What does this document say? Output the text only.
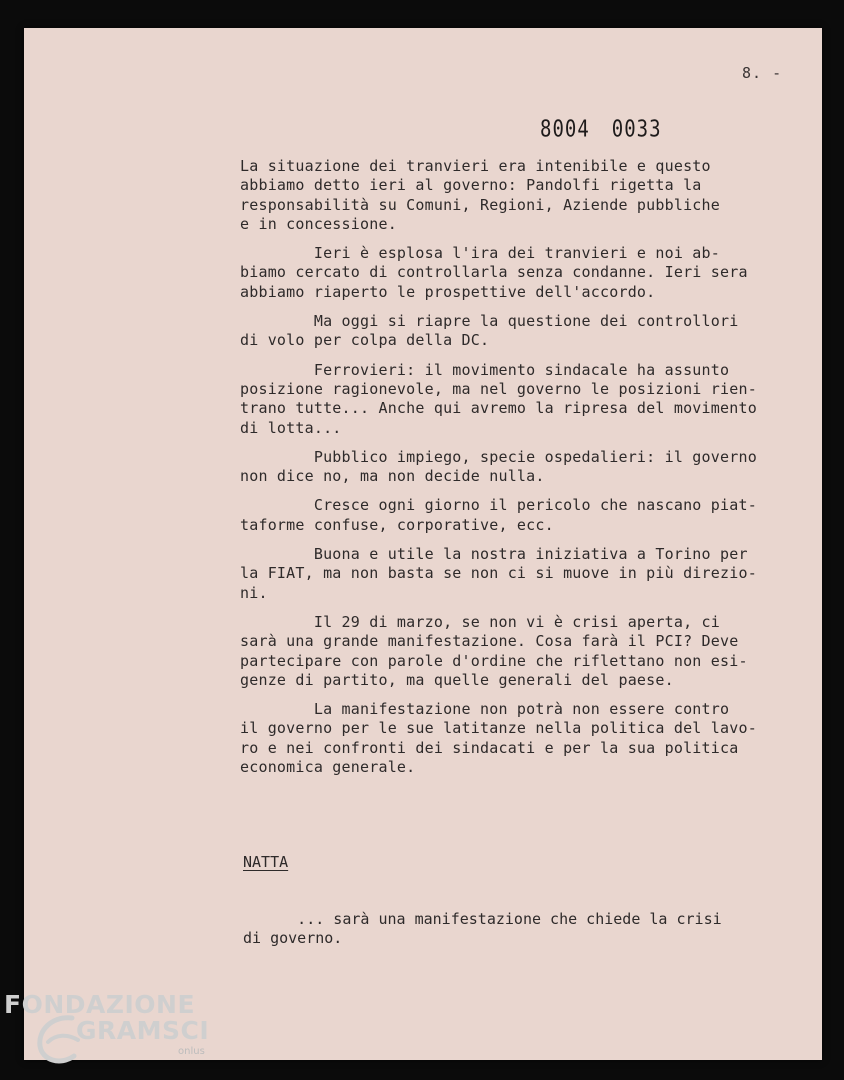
8. -
8004 0033
La situazione dei tranvieri era intenibile e questo
abbiamo detto ieri al governo: Pandolfi rigetta la
responsabilità su Comuni, Regioni, Aziende pubbliche
e in concessione.
Ieri è esplosa l'ira dei tranvieri e noi ab-
biamo cercato di controllarla senza condanne. Ieri sera
abbiamo riaperto le prospettive dell'accordo.
Ma oggi si riapre la questione dei controllori
di volo per colpa della DC.
Ferrovieri: il movimento sindacale ha assunto
posizione ragionevole, ma nel governo le posizioni rien-
trano tutte... Anche qui avremo la ripresa del movimento
di lotta...
Pubblico impiego, specie ospedalieri: il governo
non dice no, ma non decide nulla.
Cresce ogni giorno il pericolo che nascano piat-
taforme confuse, corporative, ecc.
Buona e utile la nostra iniziativa a Torino per
la FIAT, ma non basta se non ci si muove in più direzio-
ni.
Il 29 di marzo, se non vi è crisi aperta, ci
sarà una grande manifestazione. Cosa farà il PCI? Deve
partecipare con parole d'ordine che riflettano non esi-
genze di partito, ma quelle generali del paese.
La manifestazione non potrà non essere contro
il governo per le sue latitanze nella politica del lavo-
ro e nei confronti dei sindacati e per la sua politica
economica generale.
NATTA
... sarà una manifestazione che chiede la crisi
di governo.
FONDAZIONE
GRAMSCI
onlus
